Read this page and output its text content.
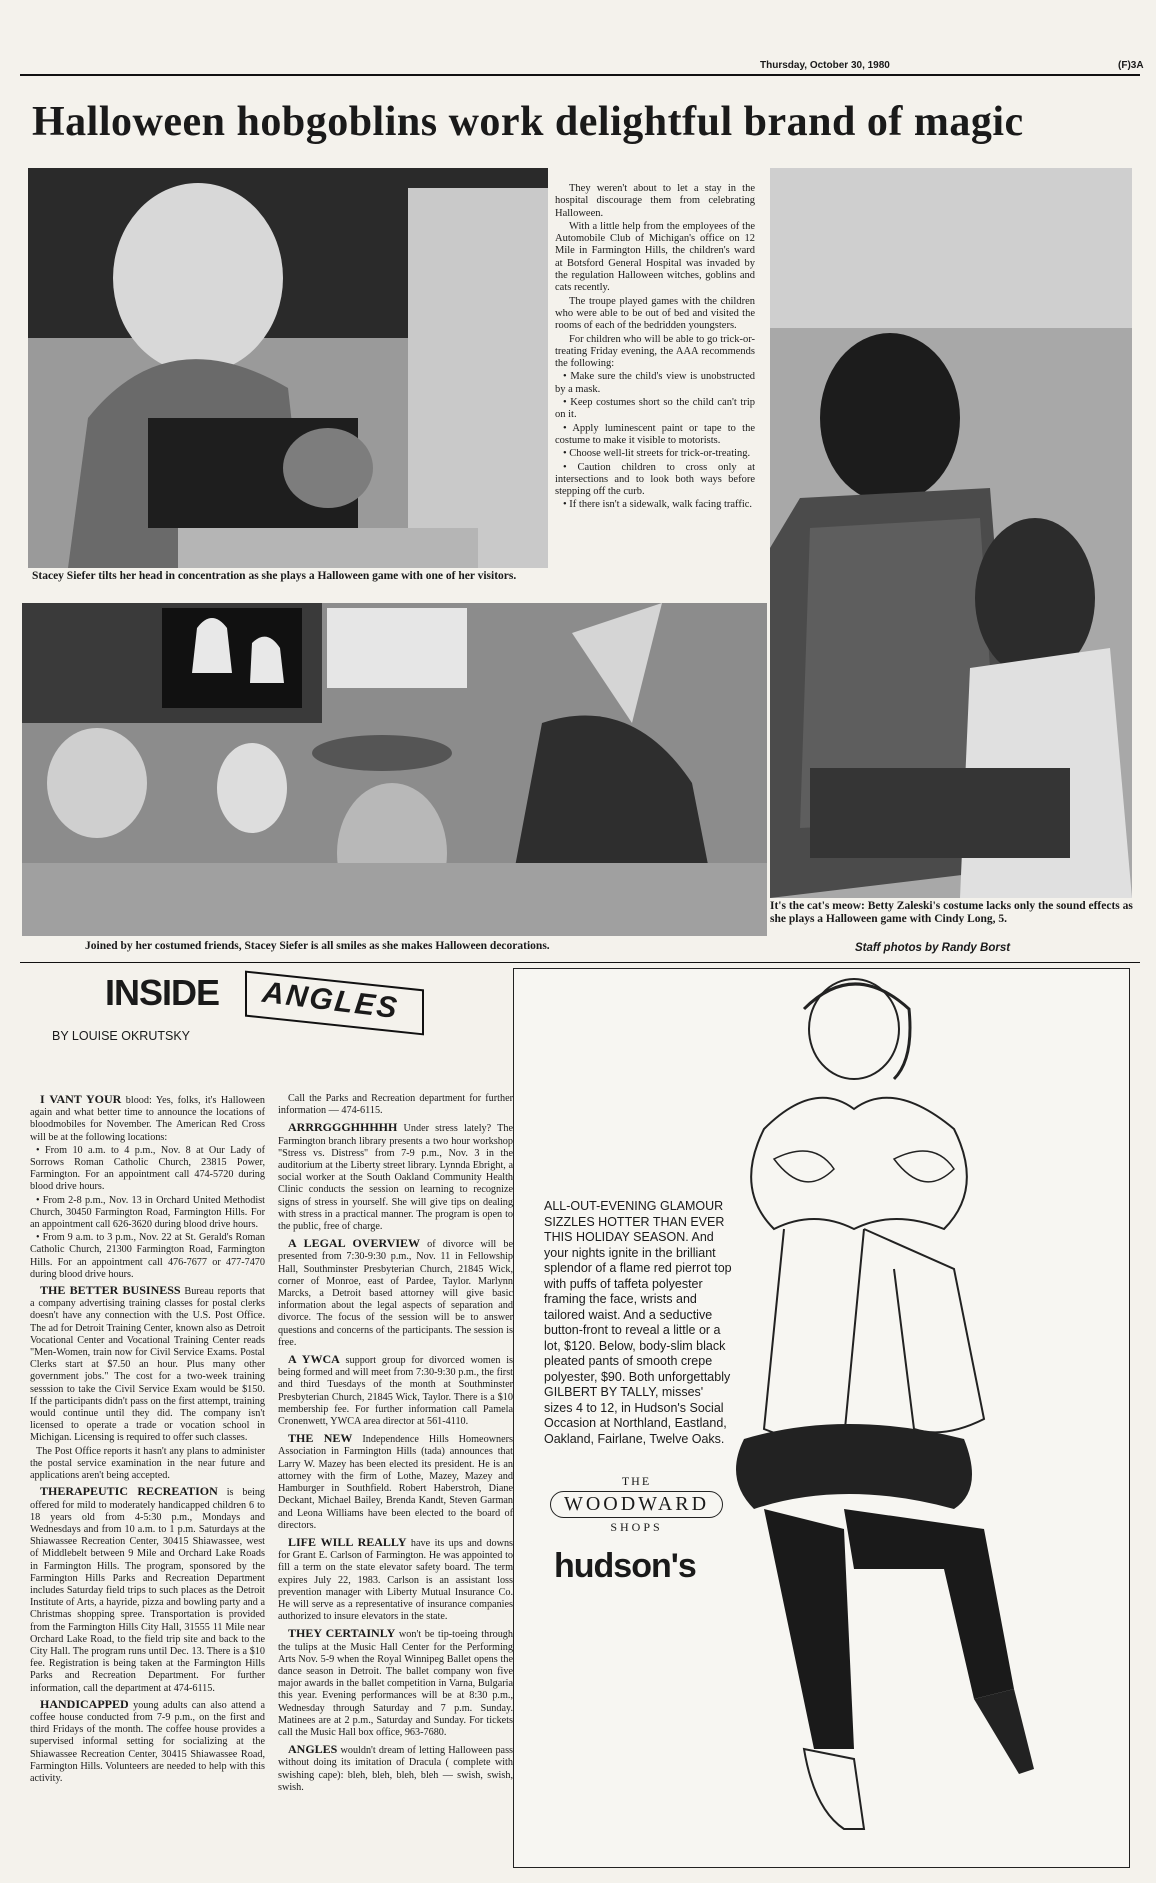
Thursday, October 30, 1980	(F)3A
Halloween hobgoblins work delightful brand of magic
Stacey Siefer tilts her head in concentration as she plays a Halloween game with one of her visitors.

They weren't about to let a stay in the hospital discourage them from celebrating Halloween.

With a little help from the employees of the Automobile Club of Michigan's office on 12 Mile in Farmington Hills, the children's ward at Botsford General Hospital was invaded by the regulation Halloween witches, goblins and cats recently.

The troupe played games with the children who were able to be out of bed and visited the rooms of each of the bedridden youngsters.

For children who will be able to go trick-or-treating Friday evening, the AAA recommends the following:

• Make sure the child's view is unobstructed by a mask.

• Keep costumes short so the child can't trip on it.

• Apply luminescent paint or tape to the costume to make it visible to motorists.

• Choose well-lit streets for trick-or-treating.

• Caution children to cross only at intersections and to look both ways before stepping off the curb.

• If there isn't a sidewalk, walk facing traffic.

Joined by her costumed friends, Stacey Siefer is all smiles as she makes Halloween decorations.
It's the cat's meow: Betty Zaleski's costume lacks only the sound effects as she plays a Halloween game with Cindy Long, 5.
Staff photos by Randy Borst
INSIDE ANGLES
BY LOUISE OKRUTSKY

I VANT YOUR blood: Yes, folks, it's Halloween again and what better time to announce the locations of bloodmobiles for November. The American Red Cross will be at the following locations:

• From 10 a.m. to 4 p.m., Nov. 8 at Our Lady of Sorrows Roman Catholic Church, 23815 Power, Farmington. For an appointment call 474-5720 during blood drive hours.

• From 2-8 p.m., Nov. 13 in Orchard United Methodist Church, 30450 Farmington Road, Farmington Hills. For an appointment call 626-3620 during blood drive hours.

• From 9 a.m. to 3 p.m., Nov. 22 at St. Gerald's Roman Catholic Church, 21300 Farmington Road, Farmington Hills. For an appointment call 476-7677 or 477-7470 during blood drive hours.

THE BETTER BUSINESS Bureau reports that a company advertising training classes for postal clerks doesn't have any connection with the U.S. Post Office. The ad for Detroit Training Center, known also as Detroit Vocational Center and Vocational Training Center reads "Men-Women, train now for Civil Service Exams. Postal Clerks start at $7.50 an hour. Plus many other government jobs." The cost for a two-week training sesssion to take the Civil Service Exam would be $150. If the participants didn't pass on the first attempt, training would continue until they did. The company isn't licensed to operate a trade or vocation school in Michigan. Licensing is required to offer such classes.

The Post Office reports it hasn't any plans to administer the postal service examination in the near future and applications aren't being accepted.

THERAPEUTIC RECREATION is being offered for mild to moderately handicapped children 6 to 18 years old from 4-5:30 p.m., Mondays and Wednesdays and from 10 a.m. to 1 p.m. Saturdays at the Shiawassee Recreation Center, 30415 Shiawassee, west of Middlebelt between 9 Mile and Orchard Lake Roads in Farmington Hills. The program, sponsored by the Farmington Hills Parks and Recreation Department includes Saturday field trips to such places as the Detroit Institute of Arts, a hayride, pizza and bowling party and a Christmas shopping spree. Transportation is provided from the Farmington Hills City Hall, 31555 11 Mile near Orchard Lake Road, to the field trip site and back to the City Hall. The program runs until Dec. 13. There is a $10 fee. Registration is being taken at the Farmington Hills Parks and Recreation Department. For further information, call the department at 474-6115.

HANDICAPPED young adults can also attend a coffee house conducted from 7-9 p.m., on the first and third Fridays of the month. The coffee house provides a supervised informal setting for socializing at the Shiawassee Recreation Center, 30415 Shiawassee Road, Farmington Hills. Volunteers are needed to help with this activity.

Call the Parks and Recreation department for further information — 474-6115.

ARRRGGGHHHHH Under stress lately? The Farmington branch library presents a two hour workshop "Stress vs. Distress" from 7-9 p.m., Nov. 3 in the auditorium at the Liberty street library. Lynnda Ebright, a social worker at the South Oakland Community Health Clinic conducts the session on learning to recognize signs of stress in yourself. She will give tips on dealing with stress in a practical manner. The program is open to the public, free of charge.

A LEGAL OVERVIEW of divorce will be presented from 7:30-9:30 p.m., Nov. 11 in Fellowship Hall, Southminster Presbyterian Church, 21845 Wick, corner of Monroe, east of Pardee, Taylor. Marlynn Marcks, a Detroit based attorney will give basic information about the legal aspects of separation and divorce. The focus of the session will be to answer questions and concerns of the participants. The session is free.

A YWCA support group for divorced women is being formed and will meet from 7:30-9:30 p.m., the first and third Tuesdays of the month at Southminster Presbyterian Church, 21845 Wick, Taylor. There is a $10 membership fee. For further information call Pamela Cronenwett, YWCA area director at 561-4110.

THE NEW Independence Hills Homeowners Association in Farmington Hills (tada) announces that Larry W. Mazey has been elected its president. He is an attorney with the firm of Lothe, Mazey, Mazey and Hamburger in Southfield. Robert Haberstroh, Diane Deckant, Michael Bailey, Brenda Kandt, Steven Garman and Leona Williams have been elected to the board of directors.

LIFE WILL REALLY have its ups and downs for Grant E. Carlson of Farmington. He was appointed to fill a term on the state elevator safety board. The term expires July 22, 1983. Carlson is an assistant loss prevention manager with Liberty Mutual Insurance Co. He will serve as a representative of insurance companies authorized to insure elevators in the state.

THEY CERTAINLY won't be tip-toeing through the tulips at the Music Hall Center for the Performing Arts Nov. 5-9 when the Royal Winnipeg Ballet opens the dance season in Detroit. The ballet company won five major awards in the ballet competition in Varna, Bulgaria this year. Evening performances will be at 8:30 p.m., Wednesday through Saturday and 7 p.m. Sunday. Matinees are at 2 p.m., Saturday and Sunday. For tickets call the Music Hall box office, 963-7680.

ANGLES wouldn't dream of letting Halloween pass without doing its imitation of Dracula ( complete with swishing cape): bleh, bleh, bleh, bleh — swish, swish, swish.

ALL-OUT-EVENING GLAMOUR SIZZLES HOTTER THAN EVER THIS HOLIDAY SEASON. And your nights ignite in the brilliant splendor of a flame red pierrot top with puffs of taffeta polyester framing the face, wrists and tailored waist. And a seductive button-front to reveal a little or a lot, $120. Below, body-slim black pleated pants of smooth crepe polyester, $90. Both unforgettably GILBERT BY TALLY, misses' sizes 4 to 12, in Hudson's Social Occasion at Northland, Eastland, Oakland, Fairlane, Twelve Oaks.
THE
WOODWARD
SHOPS
hudson's
